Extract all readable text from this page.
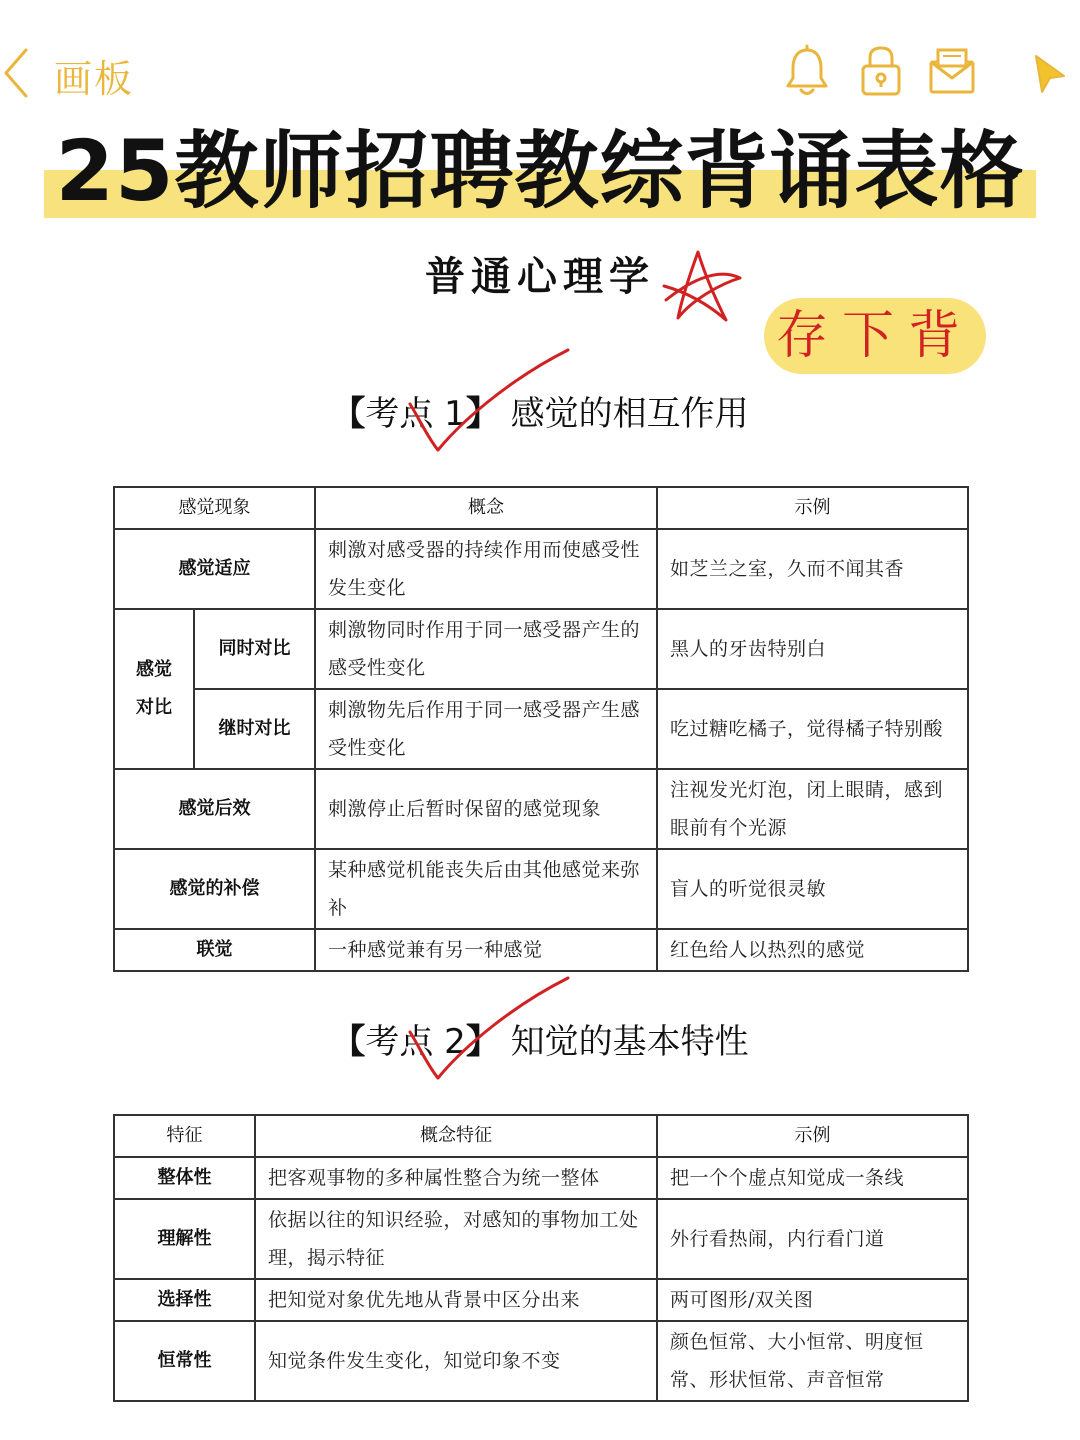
画板
25教师招聘教综背诵表格
普通心理学
存下背
【考点 1】 感觉的相互作用
感觉现象		概念	示例
感觉适应		刺激对感受器的持续作用而使感受性发生变化	如芝兰之室，久而不闻其香
感觉对比	同时对比	刺激物同时作用于同一感受器产生的感受性变化	黑人的牙齿特别白
	继时对比	刺激物先后作用于同一感受器产生感受性变化	吃过糖吃橘子，觉得橘子特别酸
感觉后效		刺激停止后暂时保留的感觉现象	注视发光灯泡，闭上眼睛，感到眼前有个光源
感觉的补偿		某种感觉机能丧失后由其他感觉来弥补	盲人的听觉很灵敏
联觉		一种感觉兼有另一种感觉	红色给人以热烈的感觉
【考点 2】 知觉的基本特性
特征	概念特征	示例
整体性	把客观事物的多种属性整合为统一整体	把一个个虚点知觉成一条线
理解性	依据以往的知识经验，对感知的事物加工处理，揭示特征	外行看热闹，内行看门道
选择性	把知觉对象优先地从背景中区分出来	两可图形/双关图
恒常性	知觉条件发生变化，知觉印象不变	颜色恒常、大小恒常、明度恒常、形状恒常、声音恒常
